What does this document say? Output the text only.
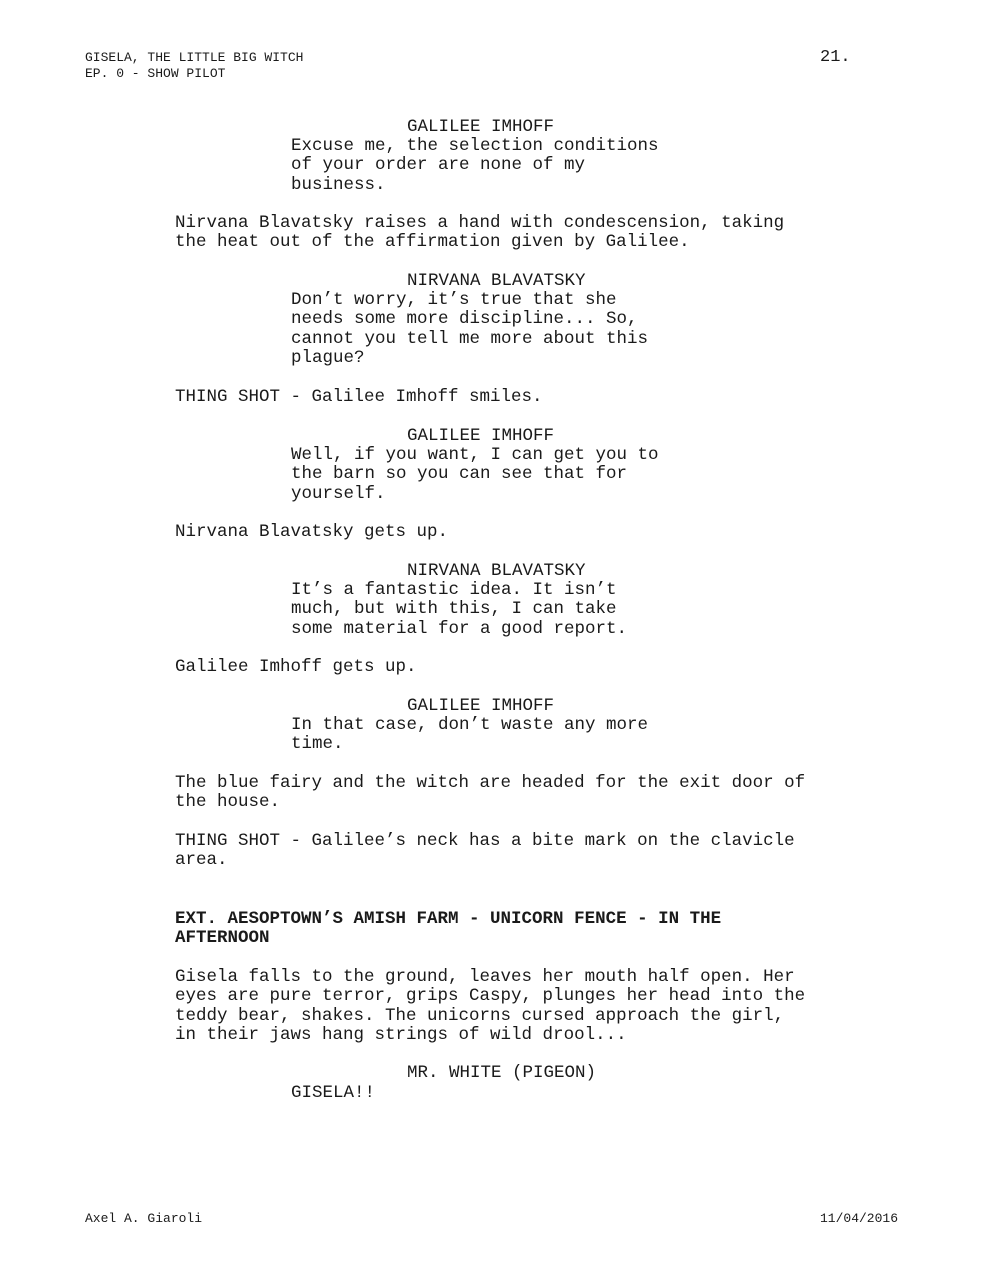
GISELA, THE LITTLE BIG WITCH
EP. 0 - SHOW PILOT
21.
GALILEE IMHOFF
Excuse me, the selection conditions
of your order are none of my
business.
Nirvana Blavatsky raises a hand with condescension, taking
the heat out of the affirmation given by Galilee.
NIRVANA BLAVATSKY
Don’t worry, it’s true that she
needs some more discipline... So,
cannot you tell me more about this
plague?
THING SHOT - Galilee Imhoff smiles.
GALILEE IMHOFF
Well, if you want, I can get you to
the barn so you can see that for
yourself.
Nirvana Blavatsky gets up.
NIRVANA BLAVATSKY
It’s a fantastic idea. It isn’t
much, but with this, I can take
some material for a good report.
Galilee Imhoff gets up.
GALILEE IMHOFF
In that case, don’t waste any more
time.
The blue fairy and the witch are headed for the exit door of
the house.
THING SHOT - Galilee’s neck has a bite mark on the clavicle
area.
EXT. AESOPTOWN’S AMISH FARM - UNICORN FENCE - IN THE
AFTERNOON
Gisela falls to the ground, leaves her mouth half open. Her
eyes are pure terror, grips Caspy, plunges her head into the
teddy bear, shakes. The unicorns cursed approach the girl,
in their jaws hang strings of wild drool...
MR. WHITE (PIGEON)
GISELA!!
Axel A. Giaroli	11/04/2016
